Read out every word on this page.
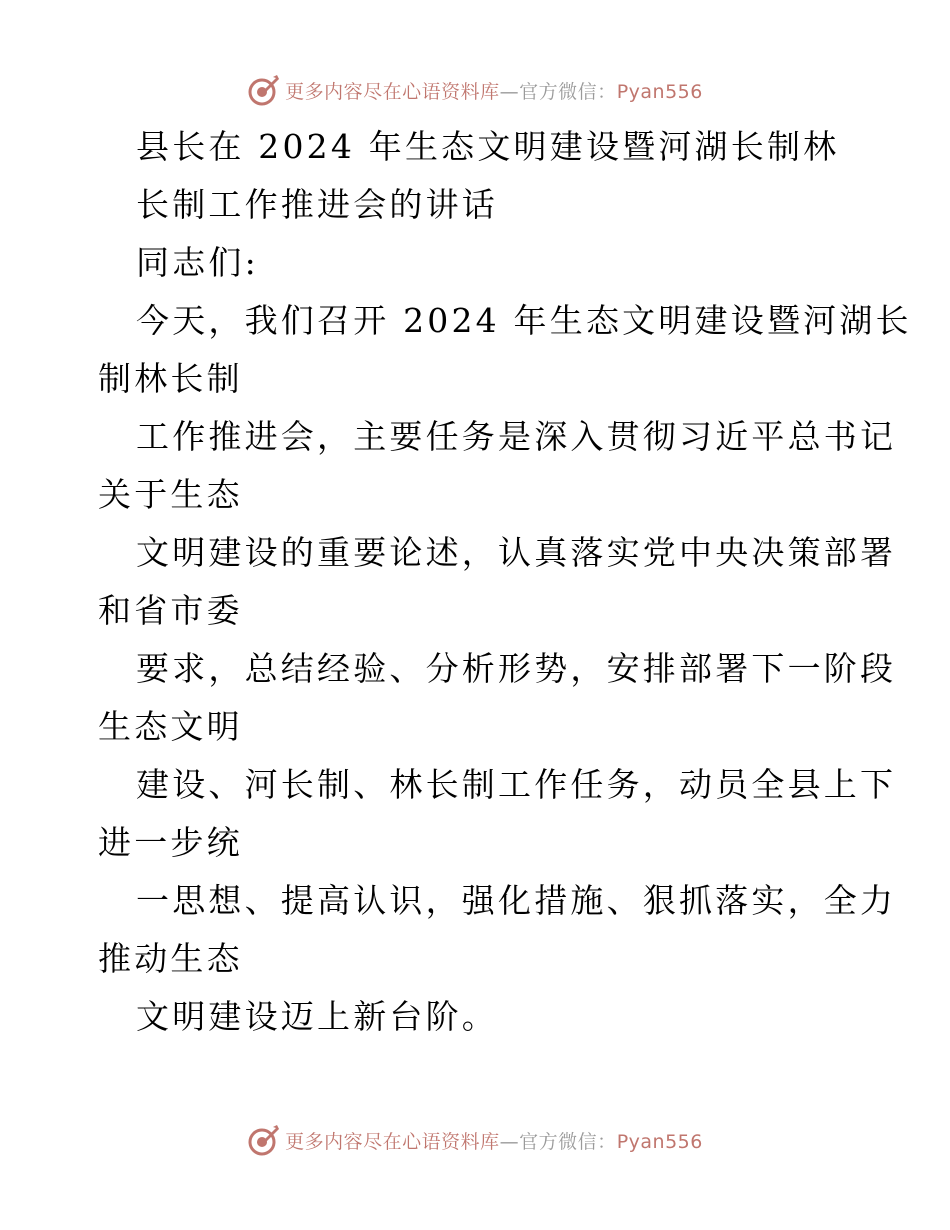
更多内容尽在心语资料库—官方微信：Pyan556
县长在 2024 年生态文明建设暨河湖长制林
长制工作推进会的讲话
同志们:
今天，我们召开 2024 年生态文明建设暨河湖长
制林长制
工作推进会，主要任务是深入贯彻习近平总书记
关于生态
文明建设的重要论述，认真落实党中央决策部署
和省市委
要求，总结经验、分析形势，安排部署下一阶段
生态文明
建设、河长制、林长制工作任务，动员全县上下
进一步统
一思想、提高认识，强化措施、狠抓落实，全力
推动生态
文明建设迈上新台阶。
更多内容尽在心语资料库—官方微信：Pyan556
